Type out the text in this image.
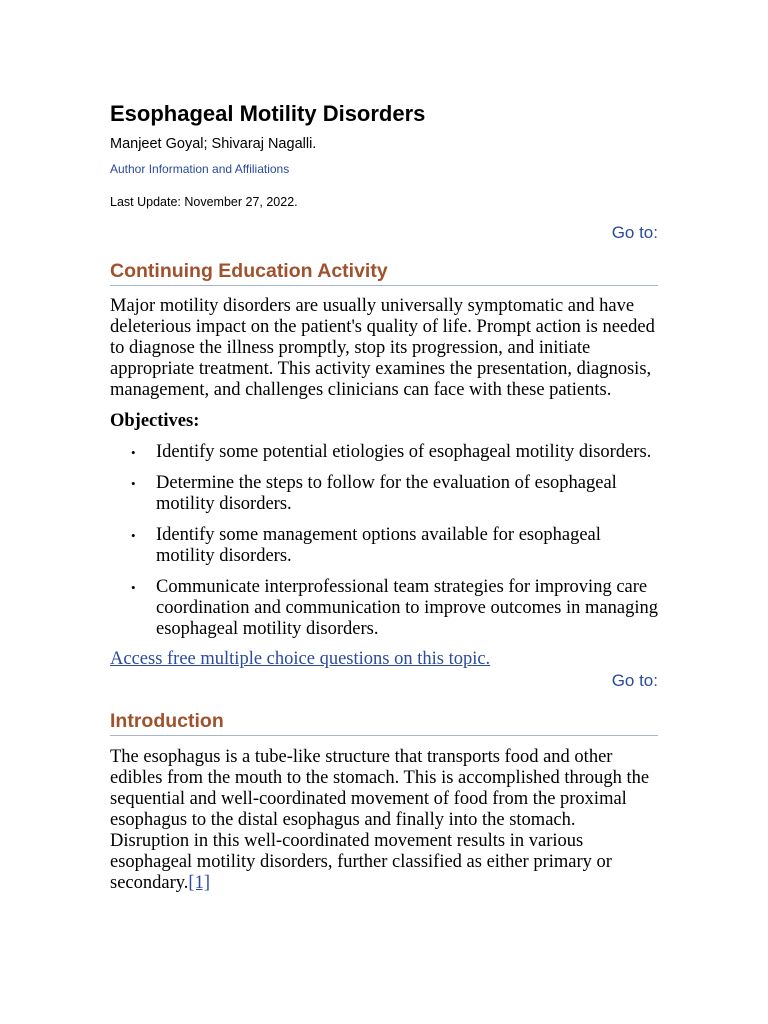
Esophageal Motility Disorders
Manjeet Goyal; Shivaraj Nagalli.
Author Information and Affiliations
Last Update: November 27, 2022.
Go to:
Continuing Education Activity

Major motility disorders are usually universally symptomatic and have deleterious impact on the patient's quality of life. Prompt action is needed to diagnose the illness promptly, stop its progression, and initiate appropriate treatment. This activity examines the presentation, diagnosis, management, and challenges clinicians can face with these patients.

Objectives:
• Identify some potential etiologies of esophageal motility disorders.
• Determine the steps to follow for the evaluation of esophageal motility disorders.
• Identify some management options available for esophageal motility disorders.
• Communicate interprofessional team strategies for improving care coordination and communication to improve outcomes in managing esophageal motility disorders.
Access free multiple choice questions on this topic.
Go to:
Introduction

The esophagus is a tube-like structure that transports food and other edibles from the mouth to the stomach. This is accomplished through the sequential and well-coordinated movement of food from the proximal esophagus to the distal esophagus and finally into the stomach. Disruption in this well-coordinated movement results in various esophageal motility disorders, further classified as either primary or secondary.[1]
